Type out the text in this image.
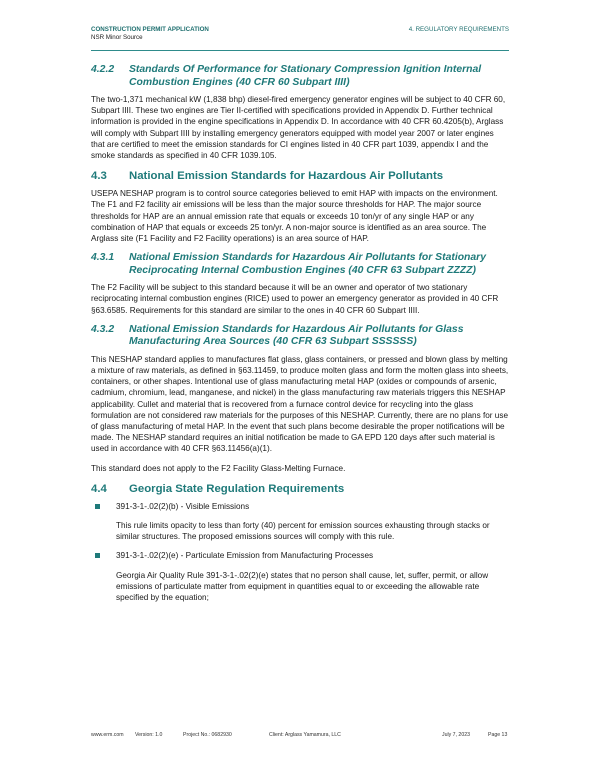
CONSTRUCTION PERMIT APPLICATION
NSR Minor Source
4. REGULATORY REQUIREMENTS
4.2.2	Standards Of Performance for Stationary Compression Ignition Internal Combustion Engines (40 CFR 60 Subpart IIII)

The two-1,371 mechanical kW (1,838 bhp) diesel-fired emergency generator engines will be subject to 40 CFR 60, Subpart IIII. These two engines are Tier II-certified with specifications provided in Appendix D. Further technical information is provided in the engine specifications in Appendix D. In accordance with 40 CFR 60.4205(b), Arglass will comply with Subpart IIII by installing emergency generators equipped with model year 2007 or later engines that are certified to meet the emission standards for CI engines listed in 40 CFR part 1039, appendix I and the smoke standards as specified in 40 CFR 1039.105.

4.3	National Emission Standards for Hazardous Air Pollutants

USEPA NESHAP program is to control source categories believed to emit HAP with impacts on the environment. The F1 and F2 facility air emissions will be less than the major source thresholds for HAP. The major source thresholds for HAP are an annual emission rate that equals or exceeds 10 ton/yr of any single HAP or any combination of HAP that equals or exceeds 25 ton/yr. A non-major source is identified as an area source. The Arglass site (F1 Facility and F2 Facility operations) is an area source of HAP.

4.3.1	National Emission Standards for Hazardous Air Pollutants for Stationary Reciprocating Internal Combustion Engines (40 CFR 63 Subpart ZZZZ)

The F2 Facility will be subject to this standard because it will be an owner and operator of two stationary reciprocating internal combustion engines (RICE) used to power an emergency generator as provided in 40 CFR §63.6585. Requirements for this standard are similar to the ones in 40 CFR 60 Subpart IIII.

4.3.2	National Emission Standards for Hazardous Air Pollutants for Glass Manufacturing Area Sources (40 CFR 63 Subpart SSSSSS)

This NESHAP standard applies to manufactures flat glass, glass containers, or pressed and blown glass by melting a mixture of raw materials, as defined in §63.11459, to produce molten glass and form the molten glass into sheets, containers, or other shapes. Intentional use of glass manufacturing metal HAP (oxides or compounds of arsenic, cadmium, chromium, lead, manganese, and nickel) in the glass manufacturing raw materials triggers this NESHAP applicability. Cullet and material that is recovered from a furnace control device for recycling into the glass formulation are not considered raw materials for the purposes of this NESHAP. Currently, there are no plans for use of glass manufacturing of metal HAP. In the event that such plans become desirable the proper notifications will be made. The NESHAP standard requires an initial notification be made to GA EPD 120 days after such material is used in accordance with 40 CFR §63.11456(a)(1).

This standard does not apply to the F2 Facility Glass-Melting Furnace.

4.4	Georgia State Regulation Requirements
391-3-1-.02(2)(b) - Visible Emissions

This rule limits opacity to less than forty (40) percent for emission sources exhausting through stacks or similar structures. The proposed emissions sources will comply with this rule.

391-3-1-.02(2)(e) - Particulate Emission from Manufacturing Processes

Georgia Air Quality Rule 391-3-1-.02(2)(e) states that no person shall cause, let, suffer, permit, or allow emissions of particulate matter from equipment in quantities equal to or exceeding the allowable rate specified by the equation;

www.erm.com	Version: 1.0	Project No.: 0682930	Client: Arglass Yamamura, LLC	July 7, 2023	Page 13
